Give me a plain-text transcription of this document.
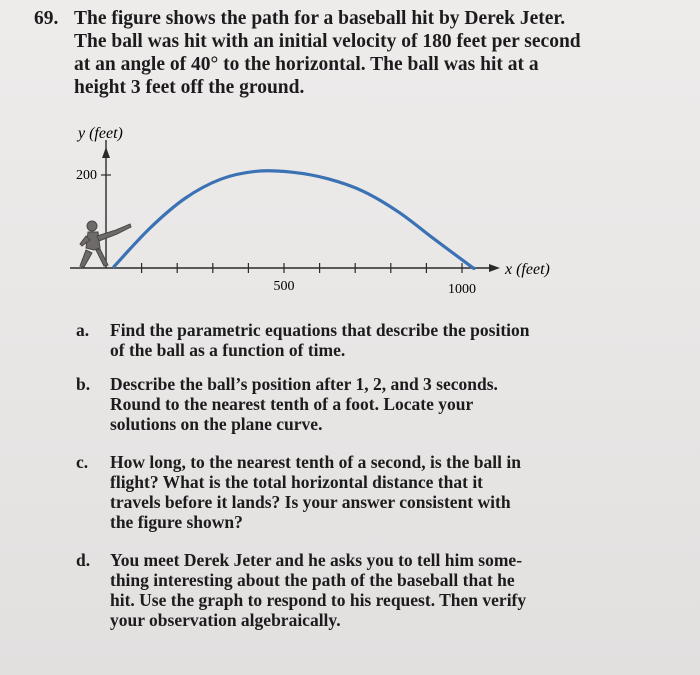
69. The figure shows the path for a baseball hit by Derek Jeter.
The ball was hit with an initial velocity of 180 feet per second
at an angle of 40° to the horizontal. The ball was hit at a
height 3 feet off the ground.
500	1000
200
y (feet)
x (feet)
a. Find the parametric equations that describe the position
of the ball as a function of time.
b. Describe the ball’s position after 1, 2, and 3 seconds.
Round to the nearest tenth of a foot. Locate your
solutions on the plane curve.
c. How long, to the nearest tenth of a second, is the ball in
flight? What is the total horizontal distance that it
travels before it lands? Is your answer consistent with
the figure shown?
d. You meet Derek Jeter and he asks you to tell him some-
thing interesting about the path of the baseball that he
hit. Use the graph to respond to his request. Then verify
your observation algebraically.
